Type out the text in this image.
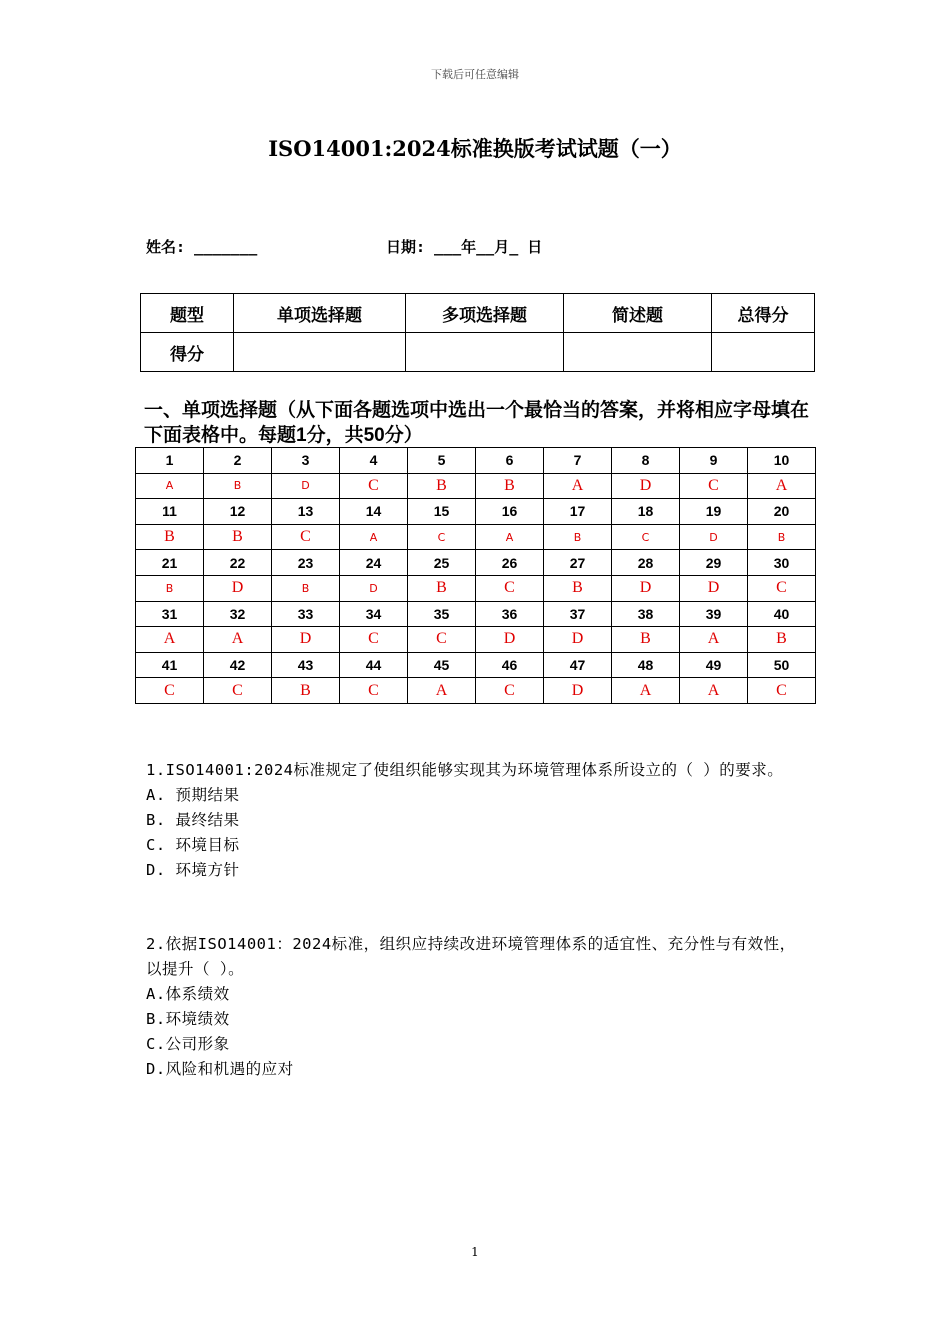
下载后可任意编辑
ISO14001:2024标准换版考试试题（一）
姓名: _______	日期: ___年__月_ 日
题型	单项选择题	多项选择题	简述题	总得分
得分				
一、单项选择题（从下面各题选项中选出一个最恰当的答案，并将相应字母填在下面表格中。每题1分，共50分）
1	2	3	4	5	6	7	8	9	10
A	B	D	C	B	B	A	D	C	A
11	12	13	14	15	16	17	18	19	20
B	B	C	A	C	A	B	C	D	B
21	22	23	24	25	26	27	28	29	30
B	D	B	D	B	C	B	D	D	C
31	32	33	34	35	36	37	38	39	40
A	A	D	C	C	D	D	B	A	B
41	42	43	44	45	46	47	48	49	50
C	C	B	C	A	C	D	A	A	C
1.ISO14001:2024标准规定了使组织能够实现其为环境管理体系所设立的（ ）的要求。
A. 预期结果
B. 最终结果
C. 环境目标
D. 环境方针
2.依据ISO14001：2024标准，组织应持续改进环境管理体系的适宜性、充分性与有效性，以提升（ ）。
A.体系绩效
B.环境绩效
C.公司形象
D.风险和机遇的应对
1
